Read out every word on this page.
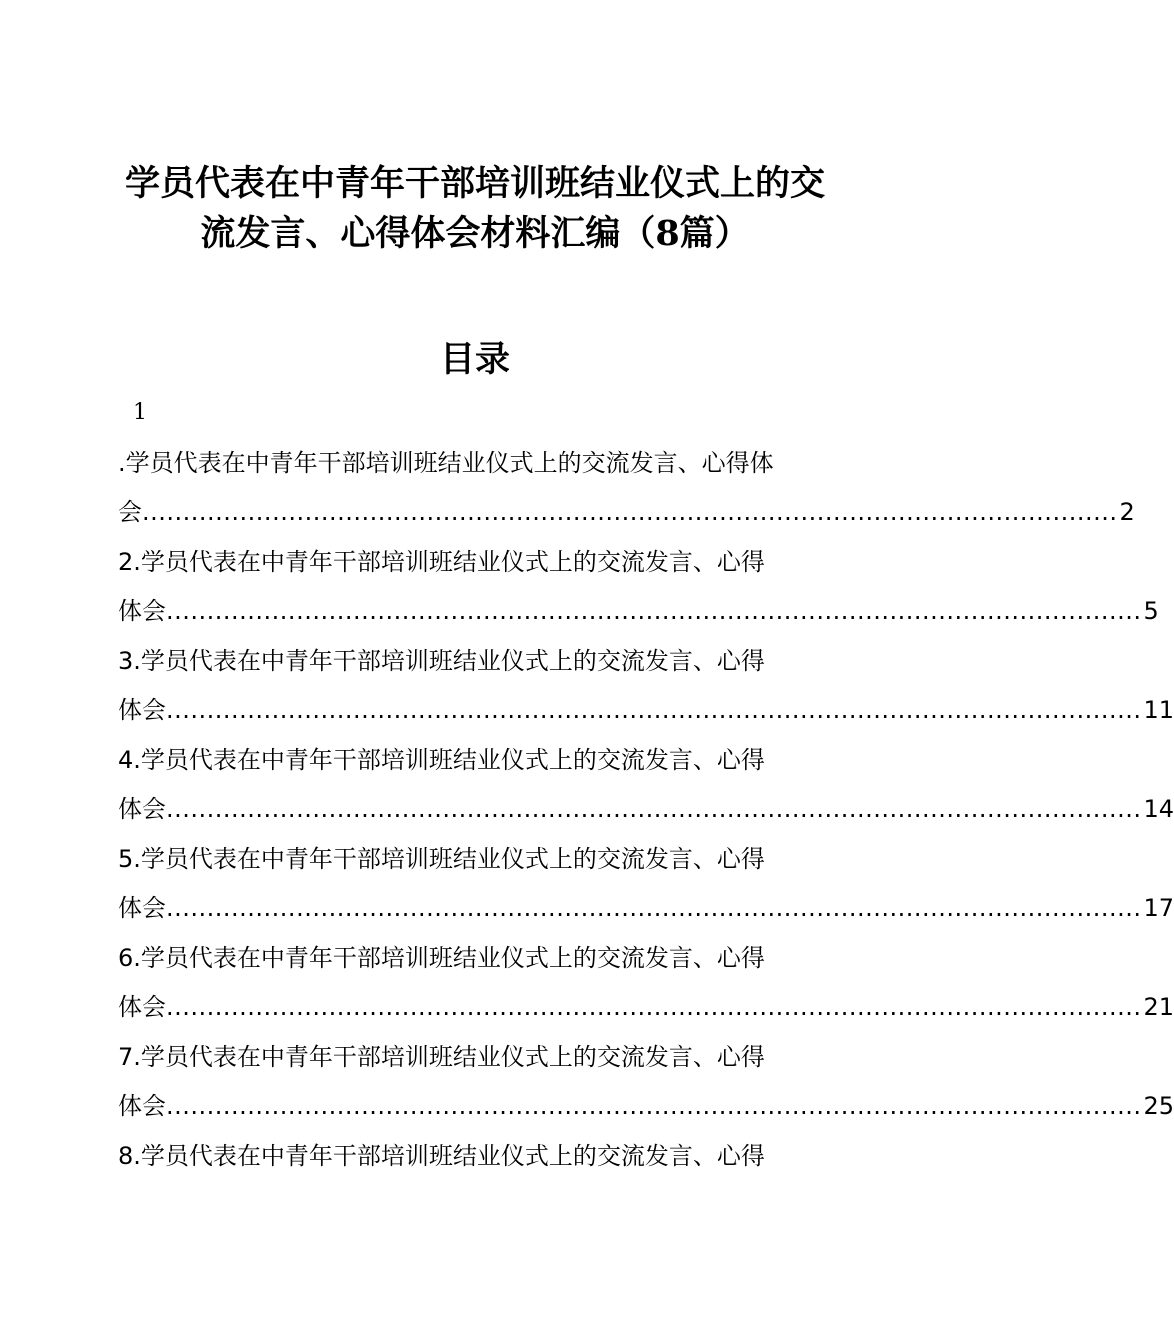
学员代表在中青年干部培训班结业仪式上的交
流发言、心得体会材料汇编（8篇）
目录
1
.学员代表在中青年干部培训班结业仪式上的交流发言、心得体
会 ........................................................................................................................ 2
2.学员代表在中青年干部培训班结业仪式上的交流发言、心得
体会 ........................................................................................................................ 5
3.学员代表在中青年干部培训班结业仪式上的交流发言、心得
体会 ........................................................................................................................ 11
4.学员代表在中青年干部培训班结业仪式上的交流发言、心得
体会 ........................................................................................................................ 14
5.学员代表在中青年干部培训班结业仪式上的交流发言、心得
体会 ........................................................................................................................ 17
6.学员代表在中青年干部培训班结业仪式上的交流发言、心得
体会 ........................................................................................................................ 21
7.学员代表在中青年干部培训班结业仪式上的交流发言、心得
体会 ........................................................................................................................ 25
8.学员代表在中青年干部培训班结业仪式上的交流发言、心得
